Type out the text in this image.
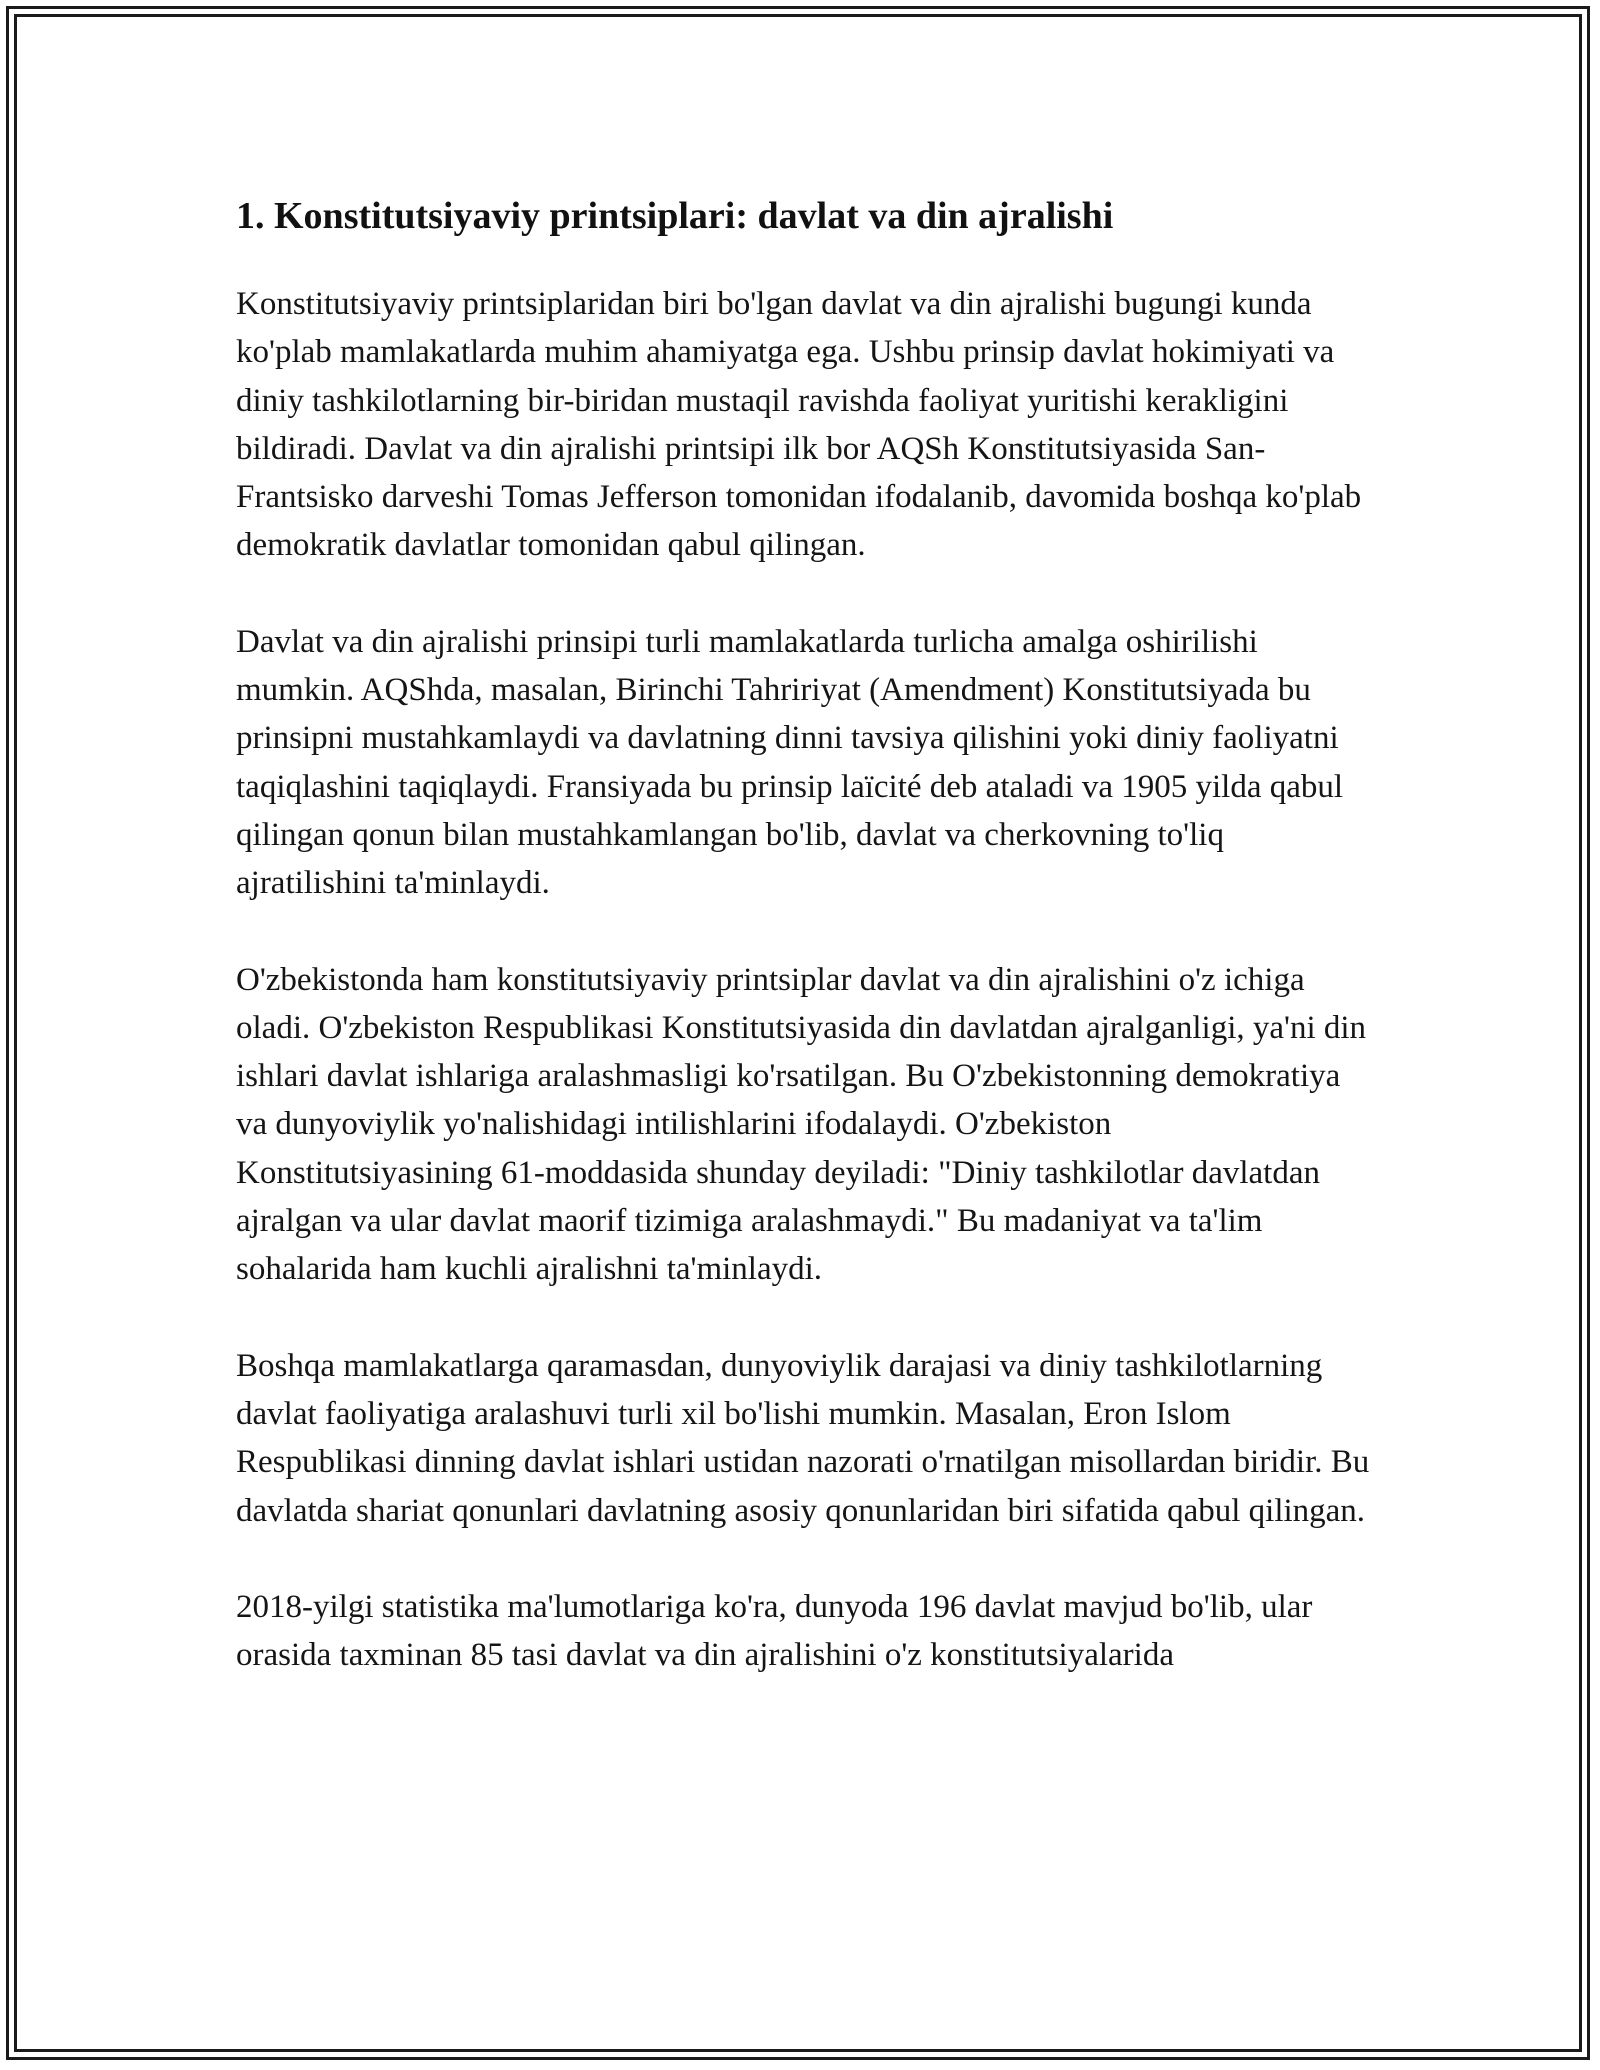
1. Konstitutsiyaviy printsiplari: davlat va din ajralishi

Konstitutsiyaviy printsiplaridan biri bo'lgan davlat va din ajralishi bugungi kunda ko'plab mamlakatlarda muhim ahamiyatga ega. Ushbu prinsip davlat hokimiyati va diniy tashkilotlarning bir-biridan mustaqil ravishda faoliyat yuritishi kerakligini bildiradi. Davlat va din ajralishi printsipi ilk bor AQSh Konstitutsiyasida San-Frantsisko darveshi Tomas Jefferson tomonidan ifodalanib, davomida boshqa ko'plab demokratik davlatlar tomonidan qabul qilingan.

Davlat va din ajralishi prinsipi turli mamlakatlarda turlicha amalga oshirilishi mumkin. AQShda, masalan, Birinchi Tahririyat (Amendment) Konstitutsiyada bu prinsipni mustahkamlaydi va davlatning dinni tavsiya qilishini yoki diniy faoliyatni taqiqlashini taqiqlaydi. Fransiyada bu prinsip laïcité deb ataladi va 1905 yilda qabul qilingan qonun bilan mustahkamlangan bo'lib, davlat va cherkovning to'liq ajratilishini ta'minlaydi.

O'zbekistonda ham konstitutsiyaviy printsiplar davlat va din ajralishini o'z ichiga oladi. O'zbekiston Respublikasi Konstitutsiyasida din davlatdan ajralganligi, ya'ni din ishlari davlat ishlariga aralashmasligi ko'rsatilgan. Bu O'zbekistonning demokratiya va dunyoviylik yo'nalishidagi intilishlarini ifodalaydi. O'zbekiston Konstitutsiyasining 61-moddasida shunday deyiladi: "Diniy tashkilotlar davlatdan ajralgan va ular davlat maorif tizimiga aralashmaydi." Bu madaniyat va ta'lim sohalarida ham kuchli ajralishni ta'minlaydi.

Boshqa mamlakatlarga qaramasdan, dunyoviylik darajasi va diniy tashkilotlarning davlat faoliyatiga aralashuvi turli xil bo'lishi mumkin. Masalan, Eron Islom Respublikasi dinning davlat ishlari ustidan nazorati o'rnatilgan misollardan biridir. Bu davlatda shariat qonunlari davlatning asosiy qonunlaridan biri sifatida qabul qilingan.

2018-yilgi statistika ma'lumotlariga ko'ra, dunyoda 196 davlat mavjud bo'lib, ular orasida taxminan 85 tasi davlat va din ajralishini o'z konstitutsiyalarida
